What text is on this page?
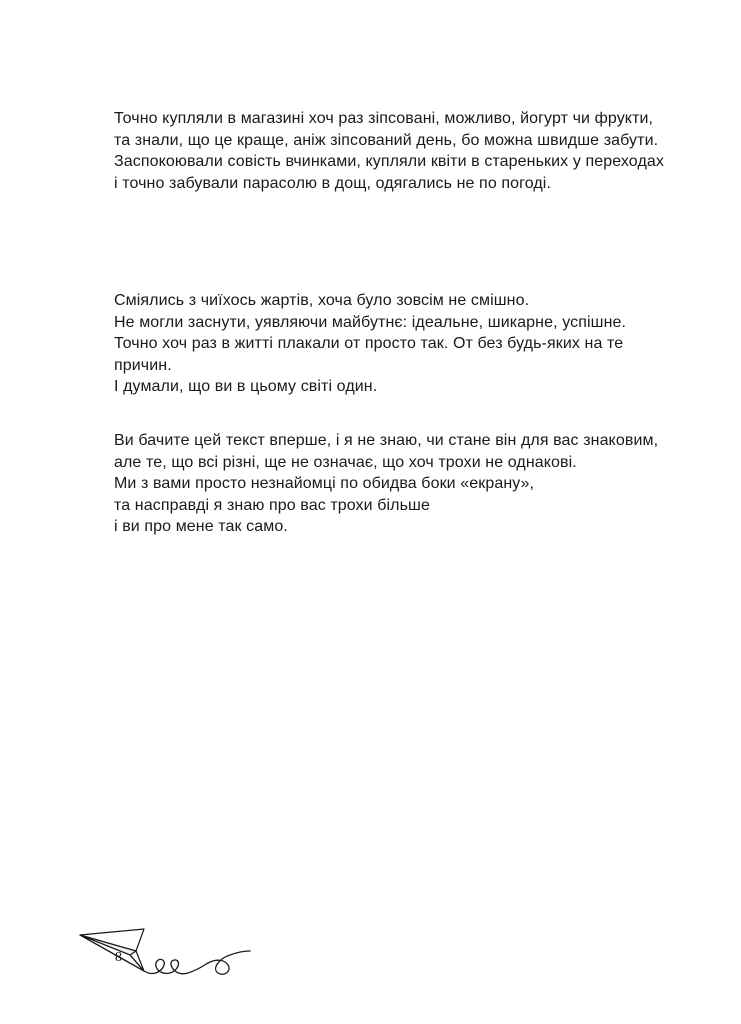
Точно купляли в магазині хоч раз зіпсовані, можливо, йогурт чи фрукти,
та знали, що це краще, аніж зіпсований день, бо можна швидше забути.
Заспокоювали совість вчинками, купляли квіти в старeньких у переходах
і точно забували парасолю в дощ, одягались не по погоді.
Сміялись з чиїхось жартів, хоча було зовсім не смішно.
Не могли заснути, уявляючи майбутнє: ідеальне, шикарне, успішне.
Точно хоч раз в житті плакали от просто так. От без будь-яких на те причин.
І думали, що ви в цьому світі один.
Ви бачите цей текст вперше, і я не знаю, чи стане він для вас знаковим,
але те, що всі різні, ще не означає, що хоч трохи не однакові.
Ми з вами просто незнайомці по обидва боки «екрану»,
та насправді я знаю про вас трохи більше
і ви про мене так само.
8
